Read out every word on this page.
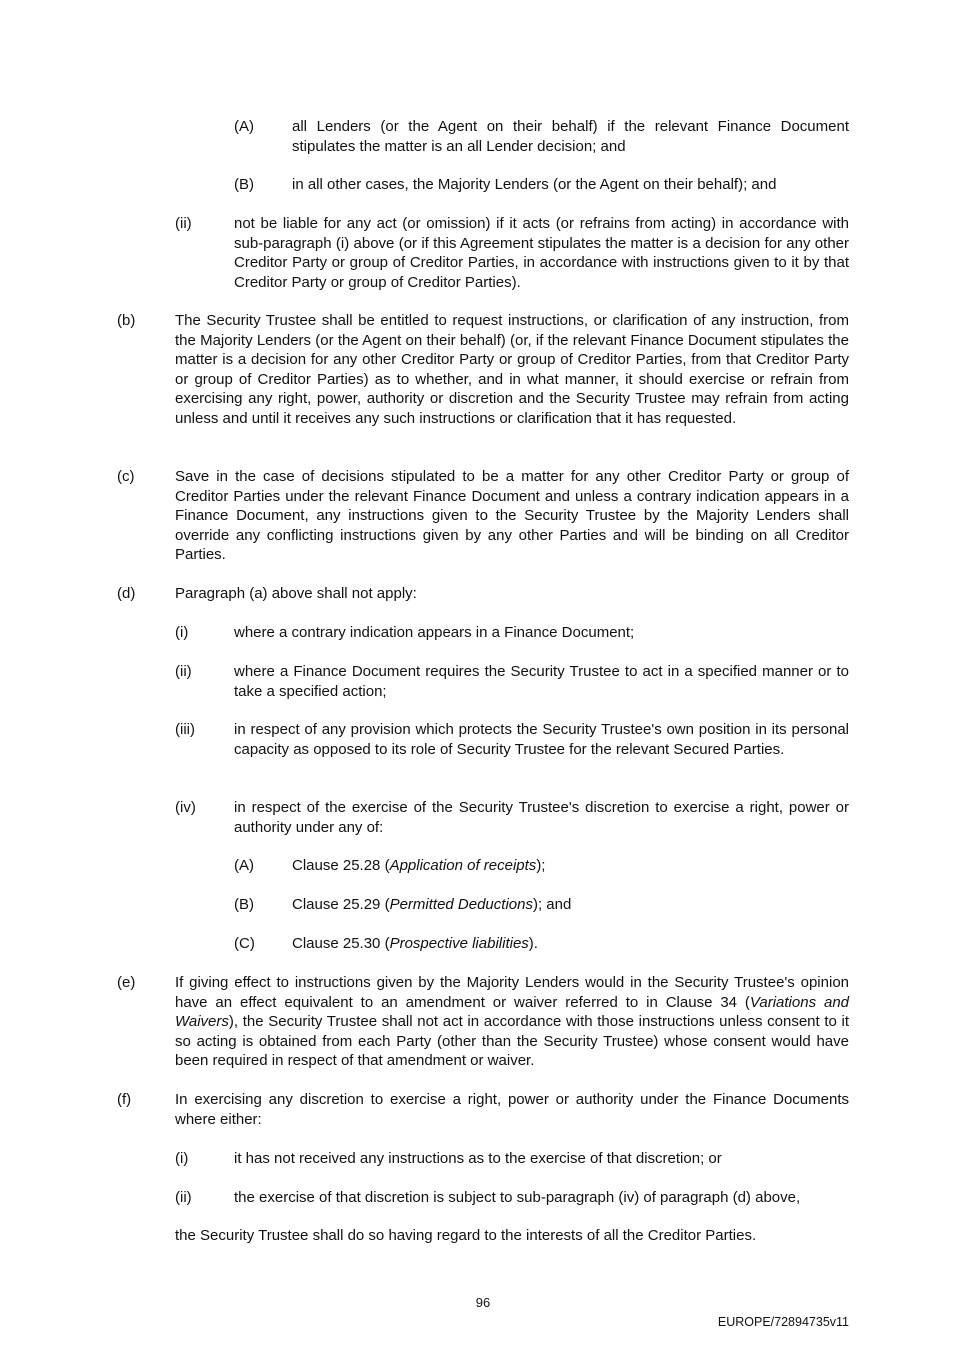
(A)	all Lenders (or the Agent on their behalf) if the relevant Finance Document stipulates the matter is an all Lender decision; and

(B)	in all other cases, the Majority Lenders (or the Agent on their behalf); and

(ii)	not be liable for any act (or omission) if it acts (or refrains from acting) in accordance with sub-paragraph (i) above (or if this Agreement stipulates the matter is a decision for any other Creditor Party or group of Creditor Parties, in accordance with instructions given to it by that Creditor Party or group of Creditor Parties).

(b)	The Security Trustee shall be entitled to request instructions, or clarification of any instruction, from the Majority Lenders (or the Agent on their behalf) (or, if the relevant Finance Document stipulates the matter is a decision for any other Creditor Party or group of Creditor Parties, from that Creditor Party or group of Creditor Parties) as to whether, and in what manner, it should exercise or refrain from exercising any right, power, authority or discretion and the Security Trustee may refrain from acting unless and until it receives any such instructions or clarification that it has requested.

(c)	Save in the case of decisions stipulated to be a matter for any other Creditor Party or group of Creditor Parties under the relevant Finance Document and unless a contrary indication appears in a Finance Document, any instructions given to the Security Trustee by the Majority Lenders shall override any conflicting instructions given by any other Parties and will be binding on all Creditor Parties.

(d)	Paragraph (a) above shall not apply:

(i)	where a contrary indication appears in a Finance Document;

(ii)	where a Finance Document requires the Security Trustee to act in a specified manner or to take a specified action;

(iii)	in respect of any provision which protects the Security Trustee's own position in its personal capacity as opposed to its role of Security Trustee for the relevant Secured Parties.

(iv)	in respect of the exercise of the Security Trustee's discretion to exercise a right, power or authority under any of:

(A)	Clause 25.28 (Application of receipts);

(B)	Clause 25.29 (Permitted Deductions); and

(C) Clause 25.30 (Prospective liabilities).

(e)	If giving effect to instructions given by the Majority Lenders would in the Security Trustee's opinion have an effect equivalent to an amendment or waiver referred to in Clause 34 (Variations and Waivers), the Security Trustee shall not act in accordance with those instructions unless consent to it so acting is obtained from each Party (other than the Security Trustee) whose consent would have been required in respect of that amendment or waiver.

(f)	In exercising any discretion to exercise a right, power or authority under the Finance Documents where either:

(i)	it has not received any instructions as to the exercise of that discretion; or

(ii)	the exercise of that discretion is subject to sub-paragraph (iv) of paragraph (d) above,

the Security Trustee shall do so having regard to the interests of all the Creditor Parties.

96
EUROPE/72894735v11
